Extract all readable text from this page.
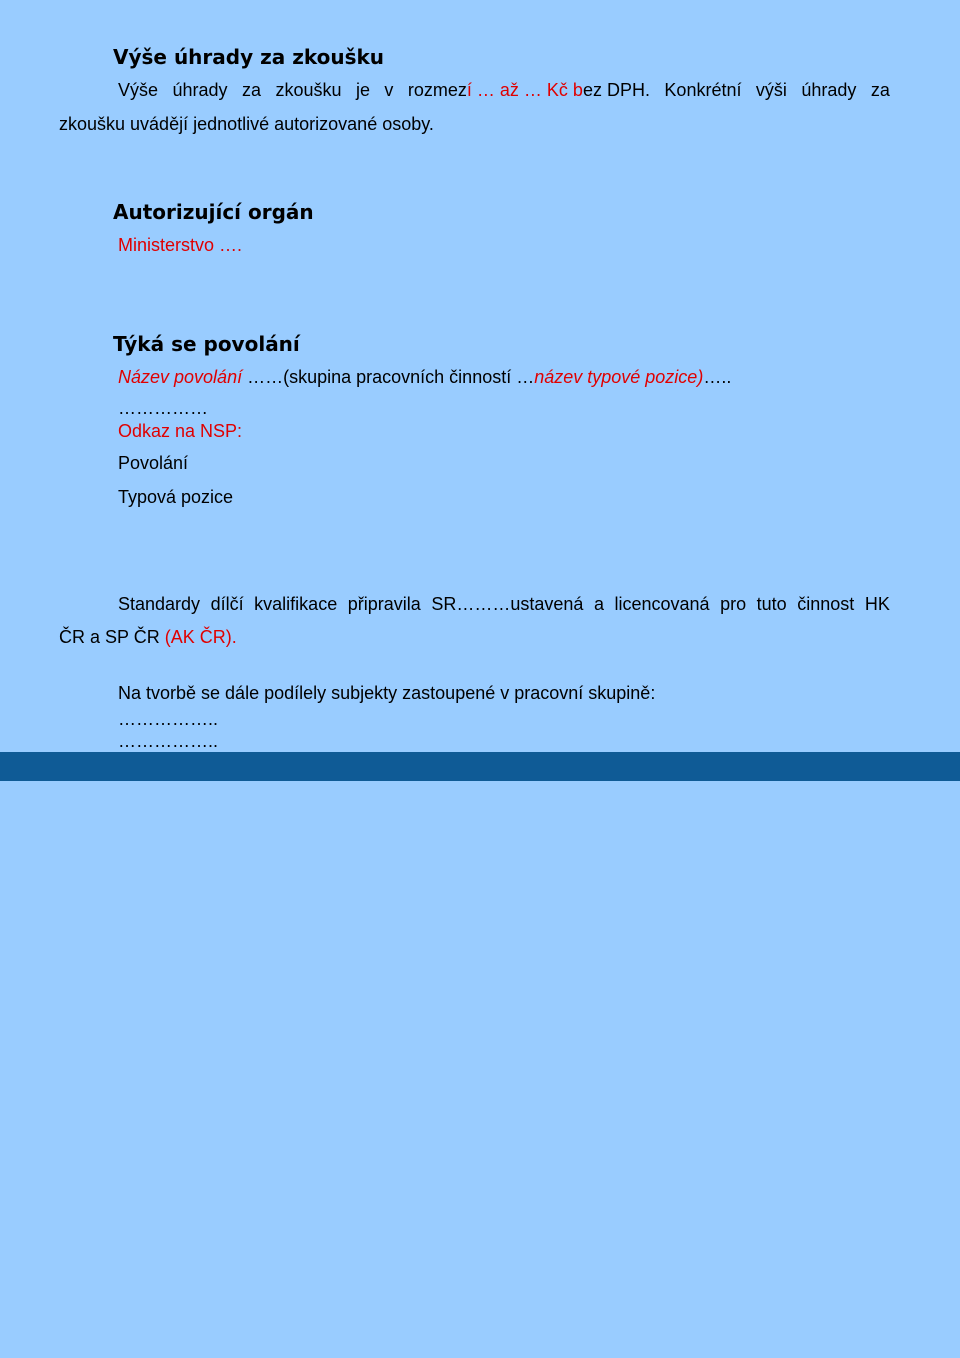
Výše úhrady za zkoušku
Výše úhrady za zkoušku je v rozmezí … až … Kč bez DPH. Konkrétní výši úhrady za
zkoušku uvádějí jednotlivé autorizované osoby.
Autorizující orgán
Ministerstvo ….
Týká se povolání
Název povolání ……(skupina pracovních činností …název typové pozice)…..
……………
Odkaz na NSP:
Povolání
Typová pozice
Standardy dílčí kvalifikace připravila SR………ustavená a licencovaná pro tuto činnost HK
ČR a SP ČR (AK ČR).
Na tvorbě se dále podílely subjekty zastoupené v pracovní skupině:
……………..
……………..
